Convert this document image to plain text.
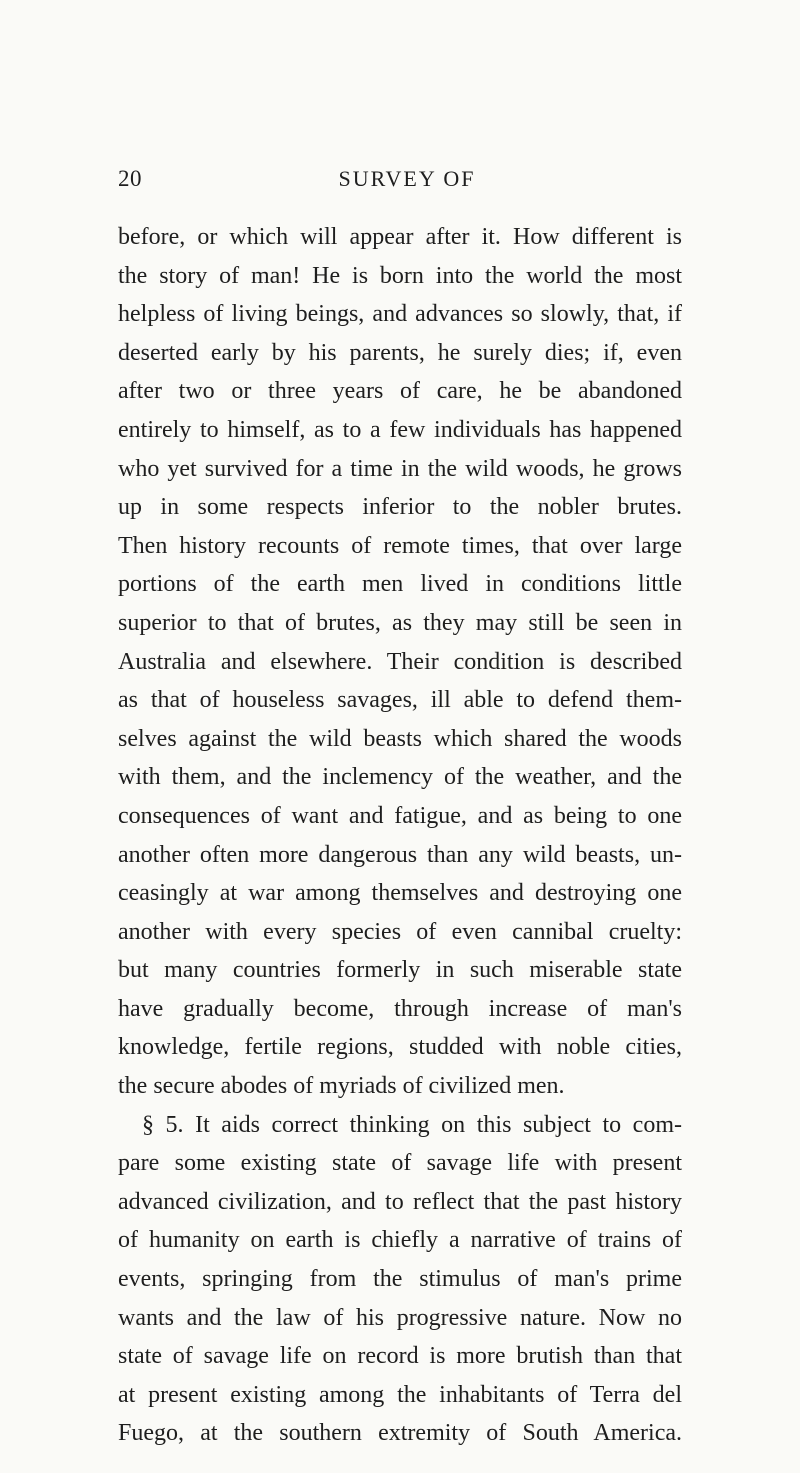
20	SURVEY OF
before, or which will appear after it. How different is
the story of man! He is born into the world the most
helpless of living beings, and advances so slowly, that, if
deserted early by his parents, he surely dies; if, even
after two or three years of care, he be abandoned
entirely to himself, as to a few individuals has happened
who yet survived for a time in the wild woods, he grows
up in some respects inferior to the nobler brutes.
Then history recounts of remote times, that over large
portions of the earth men lived in conditions little
superior to that of brutes, as they may still be seen in
Australia and elsewhere. Their condition is described
as that of houseless savages, ill able to defend them-
selves against the wild beasts which shared the woods
with them, and the inclemency of the weather, and the
consequences of want and fatigue, and as being to one
another often more dangerous than any wild beasts, un-
ceasingly at war among themselves and destroying one
another with every species of even cannibal cruelty:
but many countries formerly in such miserable state
have gradually become, through increase of man's
knowledge, fertile regions, studded with noble cities,
the secure abodes of myriads of civilized men.
§ 5. It aids correct thinking on this subject to com-
pare some existing state of savage life with present
advanced civilization, and to reflect that the past history
of humanity on earth is chiefly a narrative of trains of
events, springing from the stimulus of man's prime
wants and the law of his progressive nature. Now no
state of savage life on record is more brutish than that
at present existing among the inhabitants of Terra del
Fuego, at the southern extremity of South America.
